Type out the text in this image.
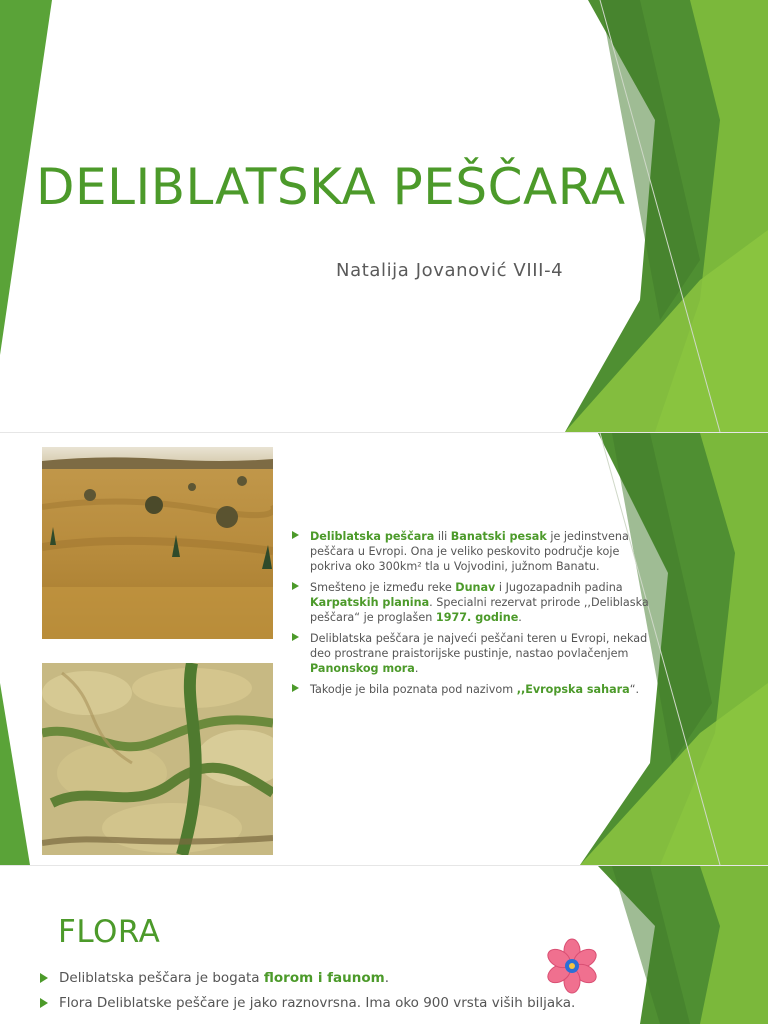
DELIBLATSKA PEŠČARA
Natalija Jovanović VIII-4
Deliblatska peščara ili Banatski pesak je jedinstvena peščara u Evropi. Ona je veliko peskovito područje koje pokriva oko 300km² tla u Vojvodini, južnom Banatu.
Smešteno je između reke Dunav i Jugozapadnih padina Karpatskih planina. Specialni rezervat prirode ,,Deliblaska peščara“ je proglašen 1977. godine.
Deliblatska peščara je najveći peščani teren u Evropi, nekad deo prostrane praistorijske pustinje, nastao povlačenjem Panonskog mora.
Takodje je bila poznata pod nazivom ,,Evropska sahara“.
FLORA
Deliblatska peščara je bogata florom i faunom.
Flora Deliblatske peščare je jako raznovrsna. Ima oko 900 vrsta viših biljaka.
